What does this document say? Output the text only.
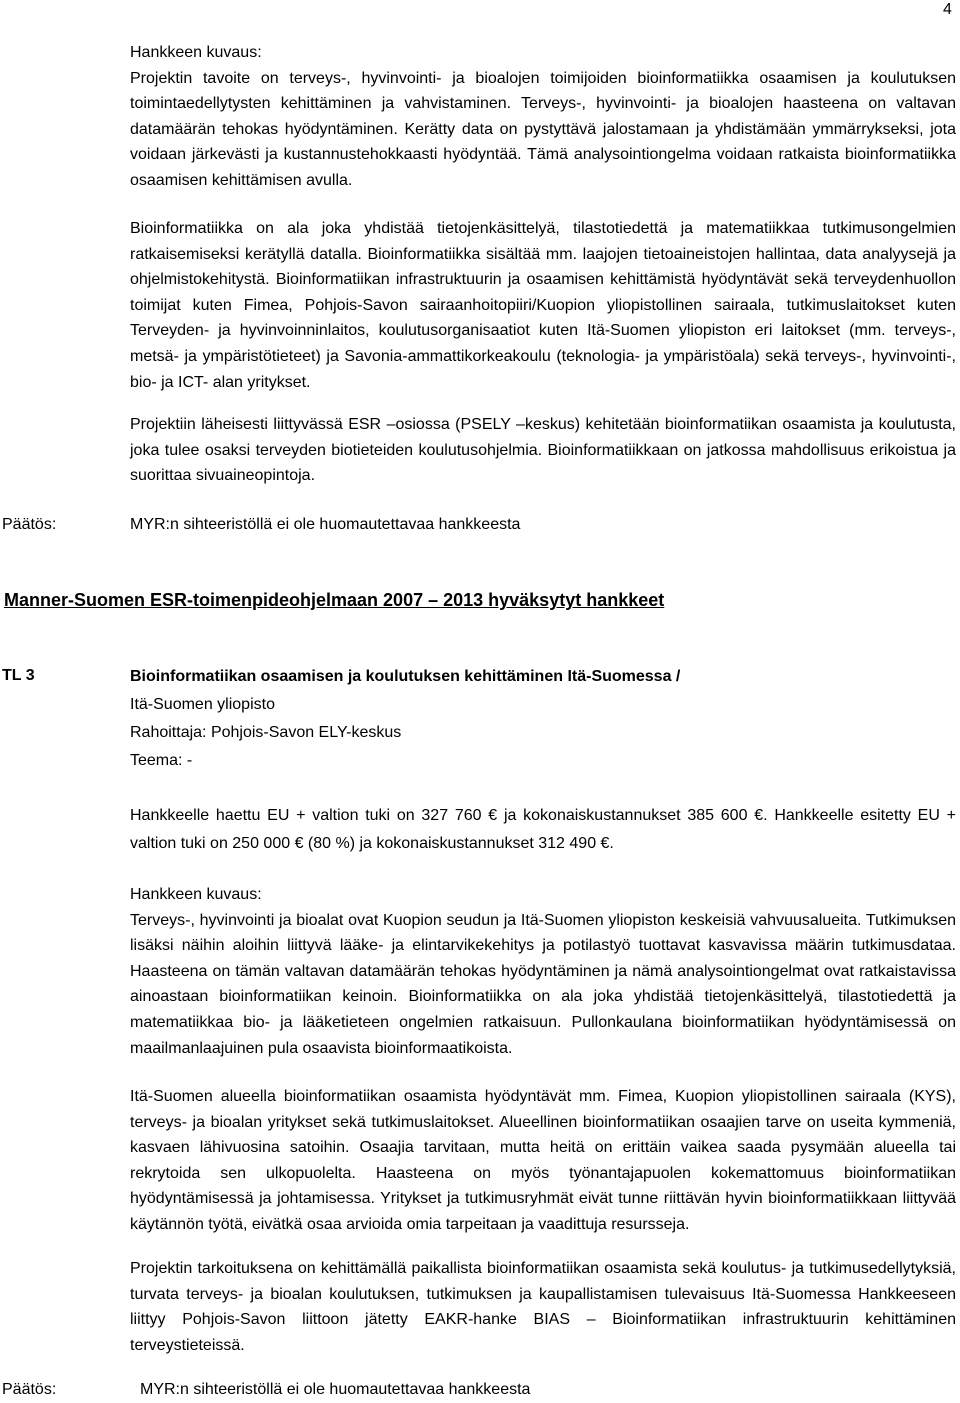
4
Hankkeen kuvaus:

Projektin tavoite on terveys-, hyvinvointi- ja bioalojen toimijoiden bioinformatiikka osaamisen ja koulutuksen toimintaedellytysten kehittäminen ja vahvistaminen. Terveys-, hyvinvointi- ja bioalojen haasteena on valtavan datamäärän tehokas hyödyntäminen. Kerätty data on pystyttävä jalostamaan ja yhdistämään ymmärrykseksi, jota voidaan järkevästi ja kustannustehokkaasti hyödyntää. Tämä analysointiongelma voidaan ratkaista bioinformatiikka osaamisen kehittämisen avulla.

Bioinformatiikka on ala joka yhdistää tietojenkäsittelyä, tilastotiedettä ja matematiikkaa tutkimusongelmien ratkaisemiseksi kerätyllä datalla. Bioinformatiikka sisältää mm. laajojen tietoaineistojen hallintaa, data analyysejä ja ohjelmistokehitystä. Bioinformatiikan infrastruktuurin ja osaamisen kehittämistä hyödyntävät sekä terveydenhuollon toimijat kuten Fimea, Pohjois-Savon sairaanhoitopiiri/Kuopion yliopistollinen sairaala, tutkimuslaitokset kuten Terveyden- ja hyvinvoinninlaitos, koulutusorganisaatiot kuten Itä-Suomen yliopiston eri laitokset (mm. terveys-, metsä- ja ympäristötieteet) ja Savonia-ammattikorkeakoulu (teknologia- ja ympäristöala) sekä terveys-, hyvinvointi-, bio- ja ICT- alan yritykset.

Projektiin läheisesti liittyvässä ESR –osiossa (PSELY –keskus) kehitetään bioinformatiikan osaamista ja koulutusta, joka tulee osaksi terveyden biotieteiden koulutusohjelmia. Bioinformatiikkaan on jatkossa mahdollisuus erikoistua ja suorittaa sivuaineopintoja.

Päätös:	MYR:n sihteeristöllä ei ole huomautettavaa hankkeesta
Manner-Suomen ESR-toimenpideohjelmaan 2007 – 2013 hyväksytyt hankkeet
TL 3	Bioinformatiikan osaamisen ja koulutuksen kehittäminen Itä-Suomessa /
Itä-Suomen yliopisto
Rahoittaja: Pohjois-Savon ELY-keskus
Teema: -
Hankkeelle haettu EU + valtion tuki on 327 760 € ja kokonaiskustannukset 385 600 €. Hankkeelle esitetty EU + valtion tuki on 250 000 € (80 %) ja kokonaiskustannukset 312 490 €.
Hankkeen kuvaus:

Terveys-, hyvinvointi ja bioalat ovat Kuopion seudun ja Itä-Suomen yliopiston keskeisiä vahvuusalueita. Tutkimuksen lisäksi näihin aloihin liittyvä lääke- ja elintarvikekehitys ja potilastyö tuottavat kasvavissa määrin tutkimusdataa. Haasteena on tämän valtavan datamäärän tehokas hyödyntäminen ja nämä analysointiongelmat ovat ratkaistavissa ainoastaan bioinformatiikan keinoin. Bioinformatiikka on ala joka yhdistää tietojenkäsittelyä, tilastotiedettä ja matematiikkaa bio- ja lääketieteen ongelmien ratkaisuun. Pullonkaulana bioinformatiikan hyödyntämisessä on maailmanlaajuinen pula osaavista bioinformaatikoista.

Itä-Suomen alueella bioinformatiikan osaamista hyödyntävät mm. Fimea, Kuopion yliopistollinen sairaala (KYS), terveys- ja bioalan yritykset sekä tutkimuslaitokset. Alueellinen bioinformatiikan osaajien tarve on useita kymmeniä, kasvaen lähivuosina satoihin. Osaajia tarvitaan, mutta heitä on erittäin vaikea saada pysymään alueella tai rekrytoida sen ulkopuolelta. Haasteena on myös työnantajapuolen kokemattomuus bioinformatiikan hyödyntämisessä ja johtamisessa. Yritykset ja tutkimusryhmät eivät tunne riittävän hyvin bioinformatiikkaan liittyvää käytännön työtä, eivätkä osaa arvioida omia tarpeitaan ja vaadittuja resursseja.

Projektin tarkoituksena on kehittämällä paikallista bioinformatiikan osaamista sekä koulutus- ja tutkimusedellytyksiä, turvata terveys- ja bioalan koulutuksen, tutkimuksen ja kaupallistamisen tulevaisuus Itä-Suomessa Hankkeeseen liittyy Pohjois-Savon liittoon jätetty EAKR-hanke BIAS – Bioinformatiikan infrastruktuurin kehittäminen terveystieteissä.

Päätös:	MYR:n sihteeristöllä ei ole huomautettavaa hankkeesta
